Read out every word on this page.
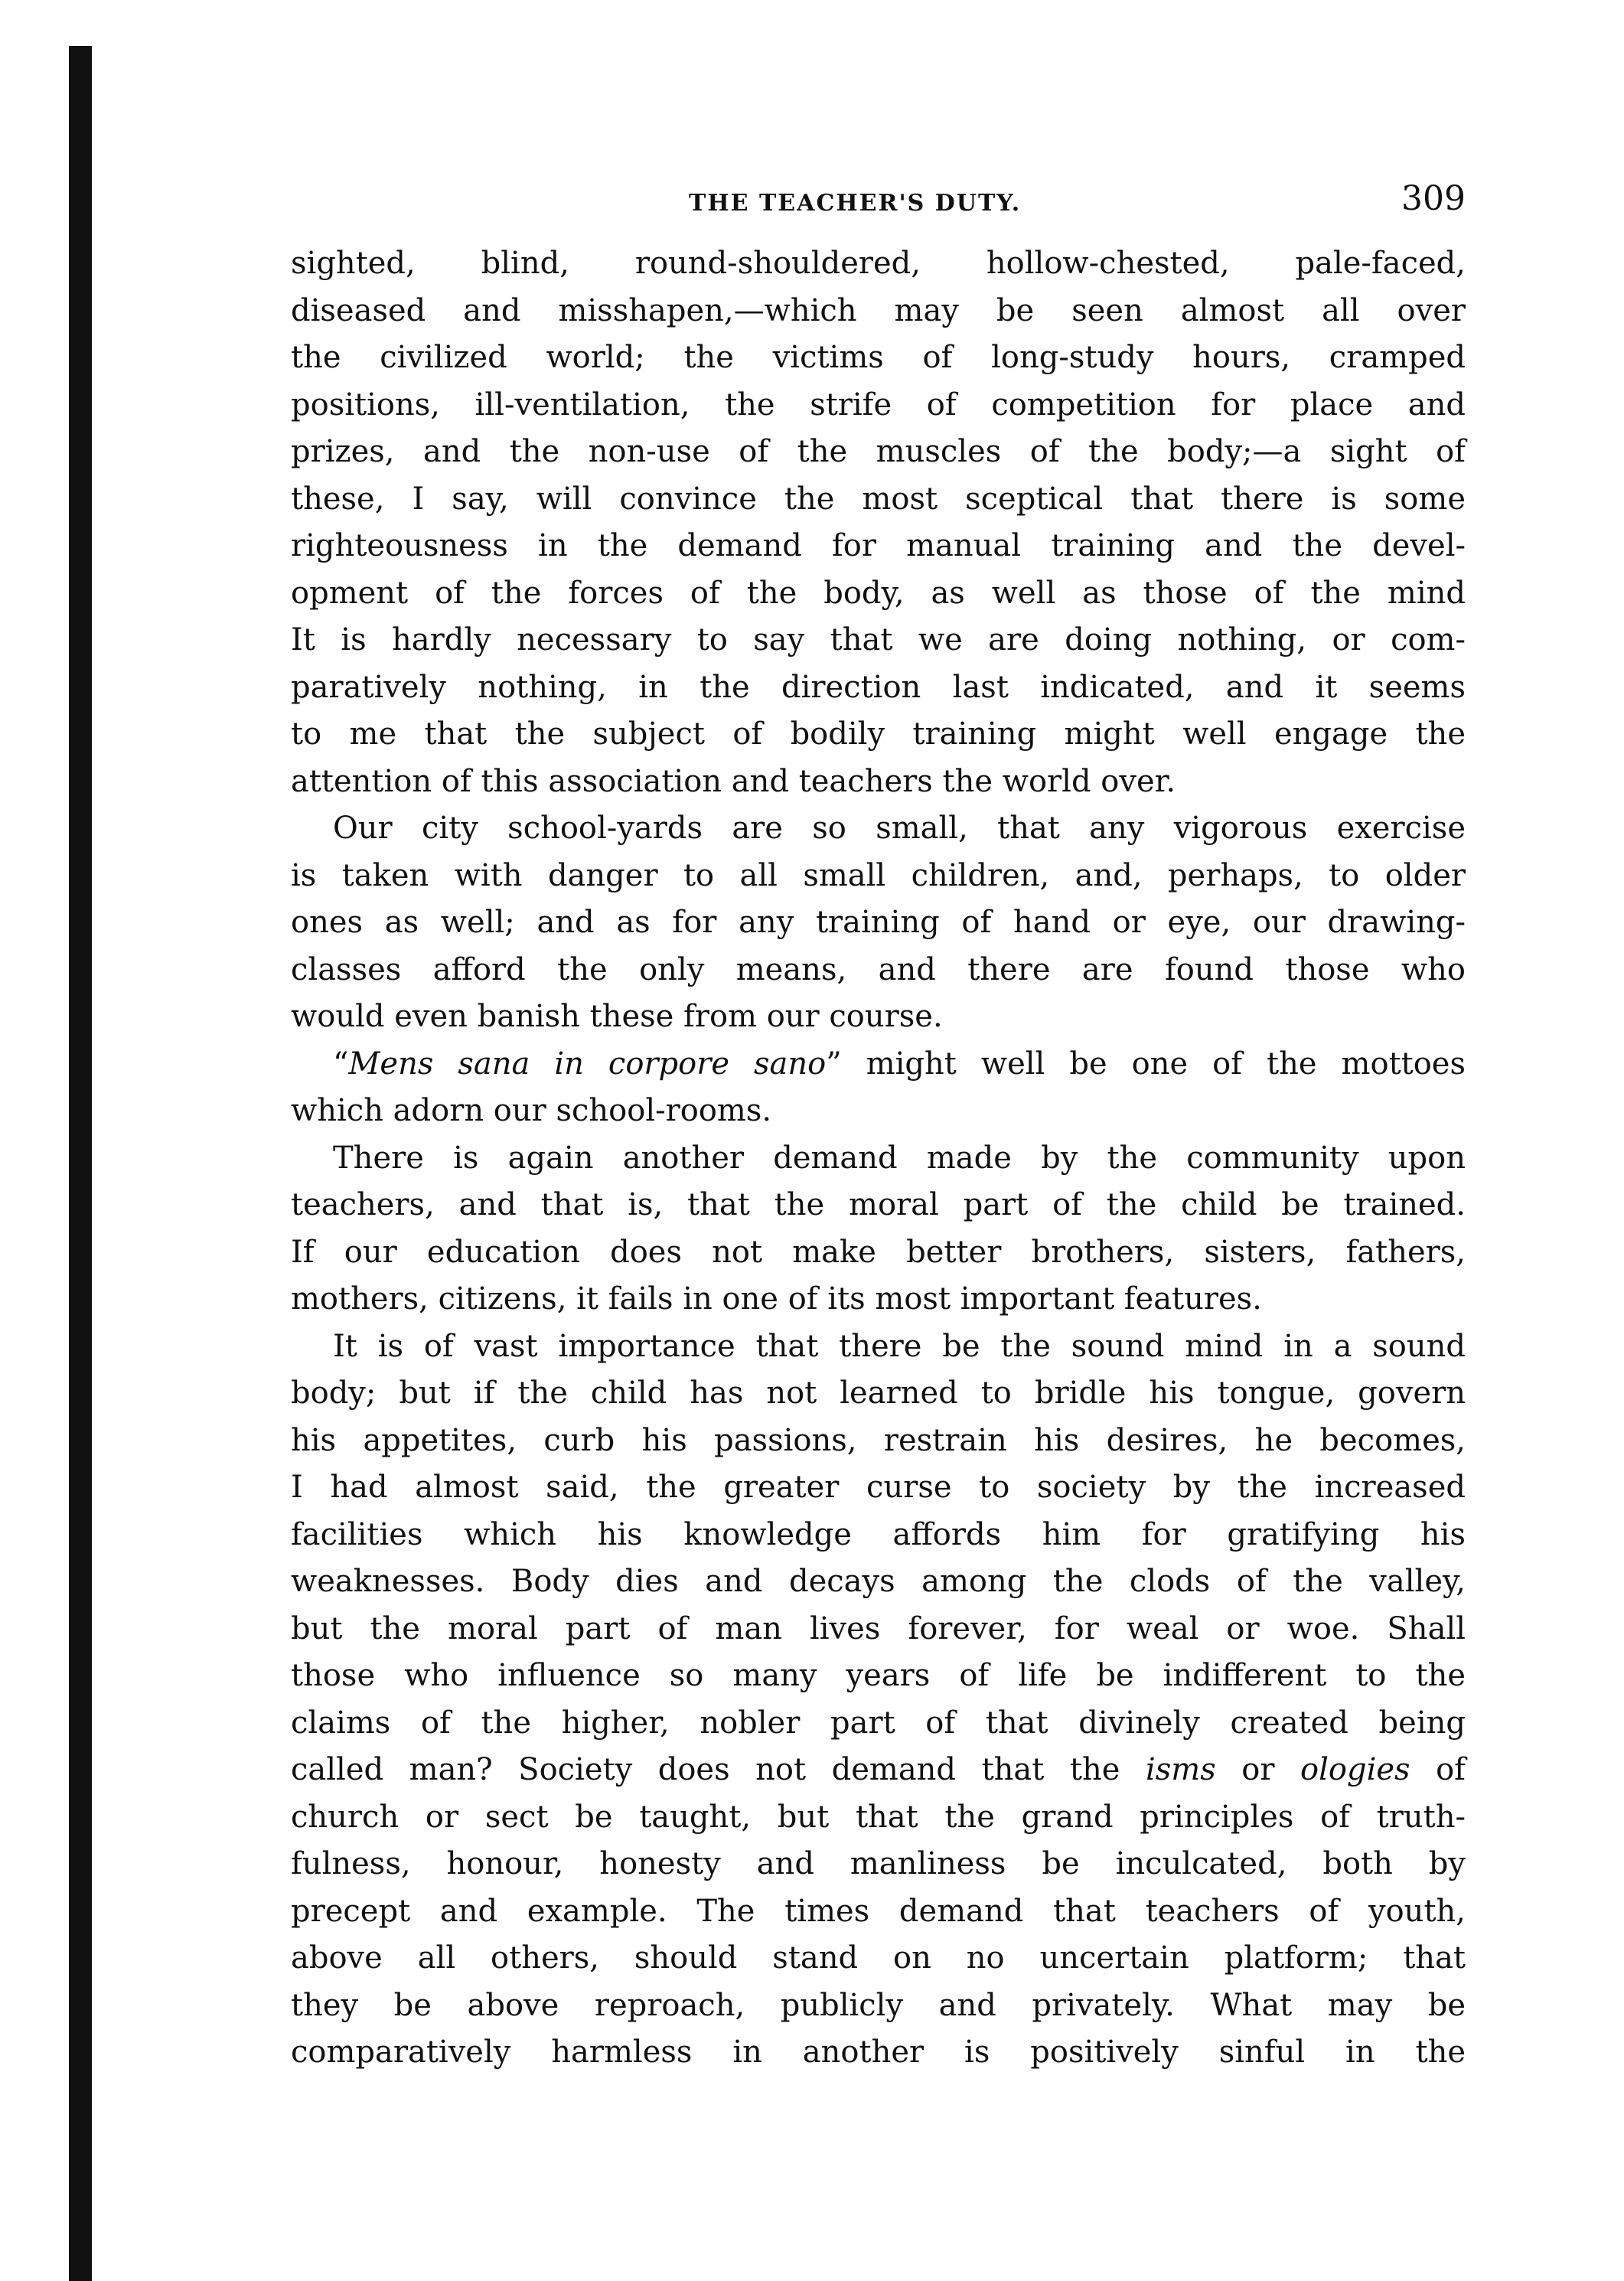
THE TEACHER'S DUTY.	309
sighted, blind, round-shouldered, hollow-chested, pale-faced,
diseased and misshapen,—which may be seen almost all over
the civilized world; the victims of long-study hours, cramped
positions, ill-ventilation, the strife of competition for place and
prizes, and the non-use of the muscles of the body;—a sight of
these, I say, will convince the most sceptical that there is some
righteousness in the demand for manual training and the devel-
opment of the forces of the body, as well as those of the mind
It is hardly necessary to say that we are doing nothing, or com-
paratively nothing, in the direction last indicated, and it seems
to me that the subject of bodily training might well engage the
attention of this association and teachers the world over.
Our city school-yards are so small, that any vigorous exercise
is taken with danger to all small children, and, perhaps, to older
ones as well; and as for any training of hand or eye, our drawing-
classes afford the only means, and there are found those who
would even banish these from our course.
“Mens sana in corpore sano” might well be one of the mottoes
which adorn our school-rooms.
There is again another demand made by the community upon
teachers, and that is, that the moral part of the child be trained.
If our education does not make better brothers, sisters, fathers,
mothers, citizens, it fails in one of its most important features.
It is of vast importance that there be the sound mind in a sound
body; but if the child has not learned to bridle his tongue, govern
his appetites, curb his passions, restrain his desires, he becomes,
I had almost said, the greater curse to society by the increased
facilities which his knowledge affords him for gratifying his
weaknesses. Body dies and decays among the clods of the valley,
but the moral part of man lives forever, for weal or woe. Shall
those who influence so many years of life be indifferent to the
claims of the higher, nobler part of that divinely created being
called man? Society does not demand that the isms or ologies of
church or sect be taught, but that the grand principles of truth-
fulness, honour, honesty and manliness be inculcated, both by
precept and example. The times demand that teachers of youth,
above all others, should stand on no uncertain platform; that
they be above reproach, publicly and privately. What may be
comparatively harmless in another is positively sinful in the
